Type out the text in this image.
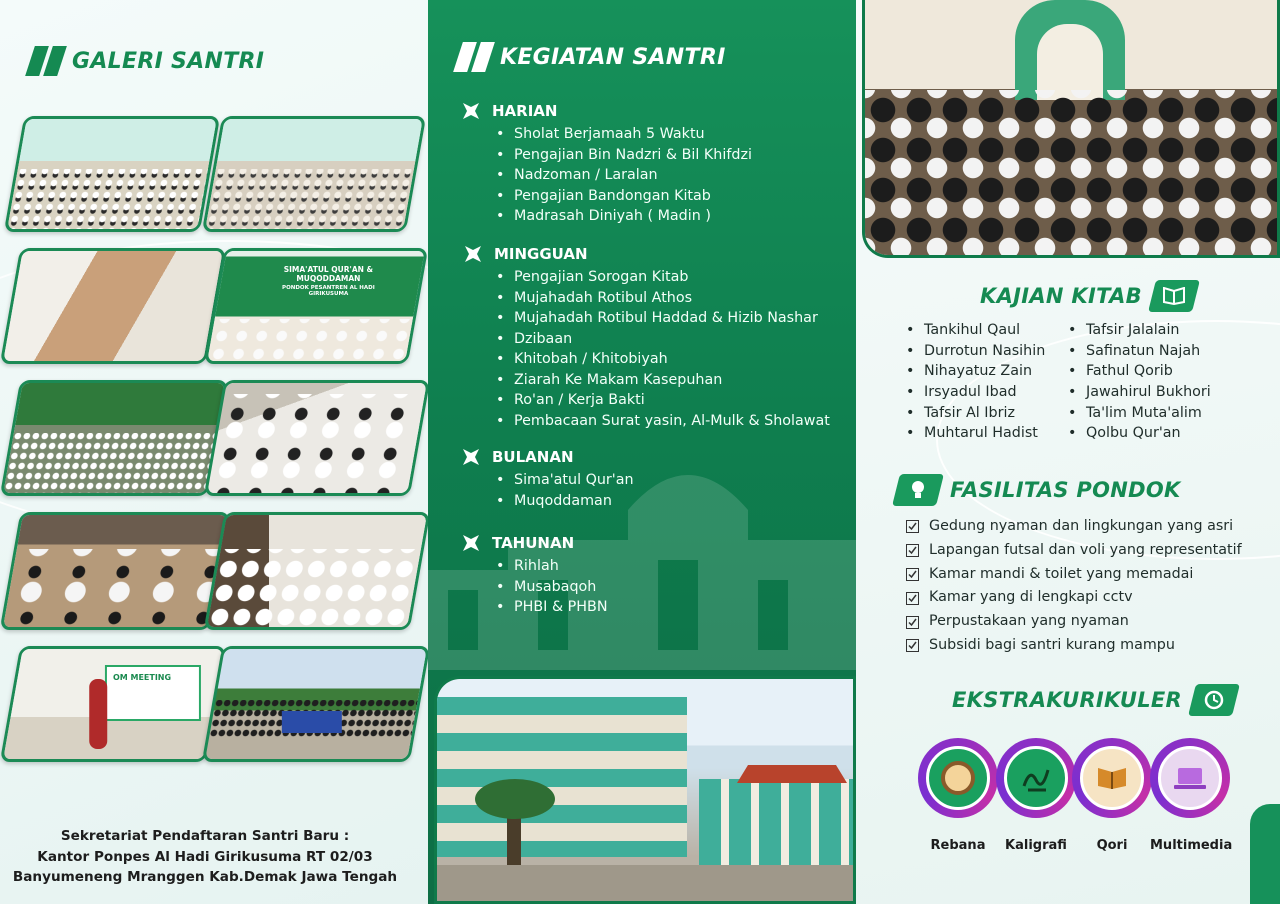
GALERI SANTRI
SIMA'ATUL QUR'AN & MUQODDAMAN
PONDOK PESANTREN AL HADI GIRIKUSUMA
OM MEETING
Sekretariat Pendaftaran Santri Baru :
Kantor Ponpes Al Hadi Girikusuma RT 02/03
Banyumeneng Mranggen Kab.Demak Jawa Tengah
KEGIATAN SANTRI
HARIAN
• Sholat Berjamaah 5 Waktu
• Pengajian Bin Nadzri & Bil Khifdzi
• Nadzoman / Laralan
• Pengajian Bandongan Kitab
• Madrasah Diniyah ( Madin )
MINGGUAN
• Pengajian Sorogan Kitab
• Mujahadah Rotibul Athos
• Mujahadah Rotibul Haddad & Hizib Nashar
• Dzibaan
• Khitobah / Khitobiyah
• Ziarah Ke Makam Kasepuhan
• Ro'an / Kerja Bakti
• Pembacaan Surat yasin, Al-Mulk & Sholawat
BULANAN
• Sima'atul Qur'an
• Muqoddaman
TAHUNAN
• Rihlah
• Musabaqoh
• PHBI & PHBN
KAJIAN KITAB
• Tankihul Qaul
• Durrotun Nasihin
• Nihayatuz Zain
• Irsyadul Ibad
• Tafsir Al Ibriz
• Muhtarul Hadist
• Tafsir Jalalain
• Safinatun Najah
• Fathul Qorib
• Jawahirul Bukhori
• Ta'lim Muta'alim
• Qolbu Qur'an
FASILITAS PONDOK
Gedung nyaman dan lingkungan yang asri
Lapangan futsal dan voli yang representatif
Kamar mandi & toilet yang memadai
Kamar yang di lengkapi cctv
Perpustakaan yang nyaman
Subsidi bagi santri kurang mampu
EKSTRAKURIKULER
Rebana	Kaligrafi	Qori	Multimedia
